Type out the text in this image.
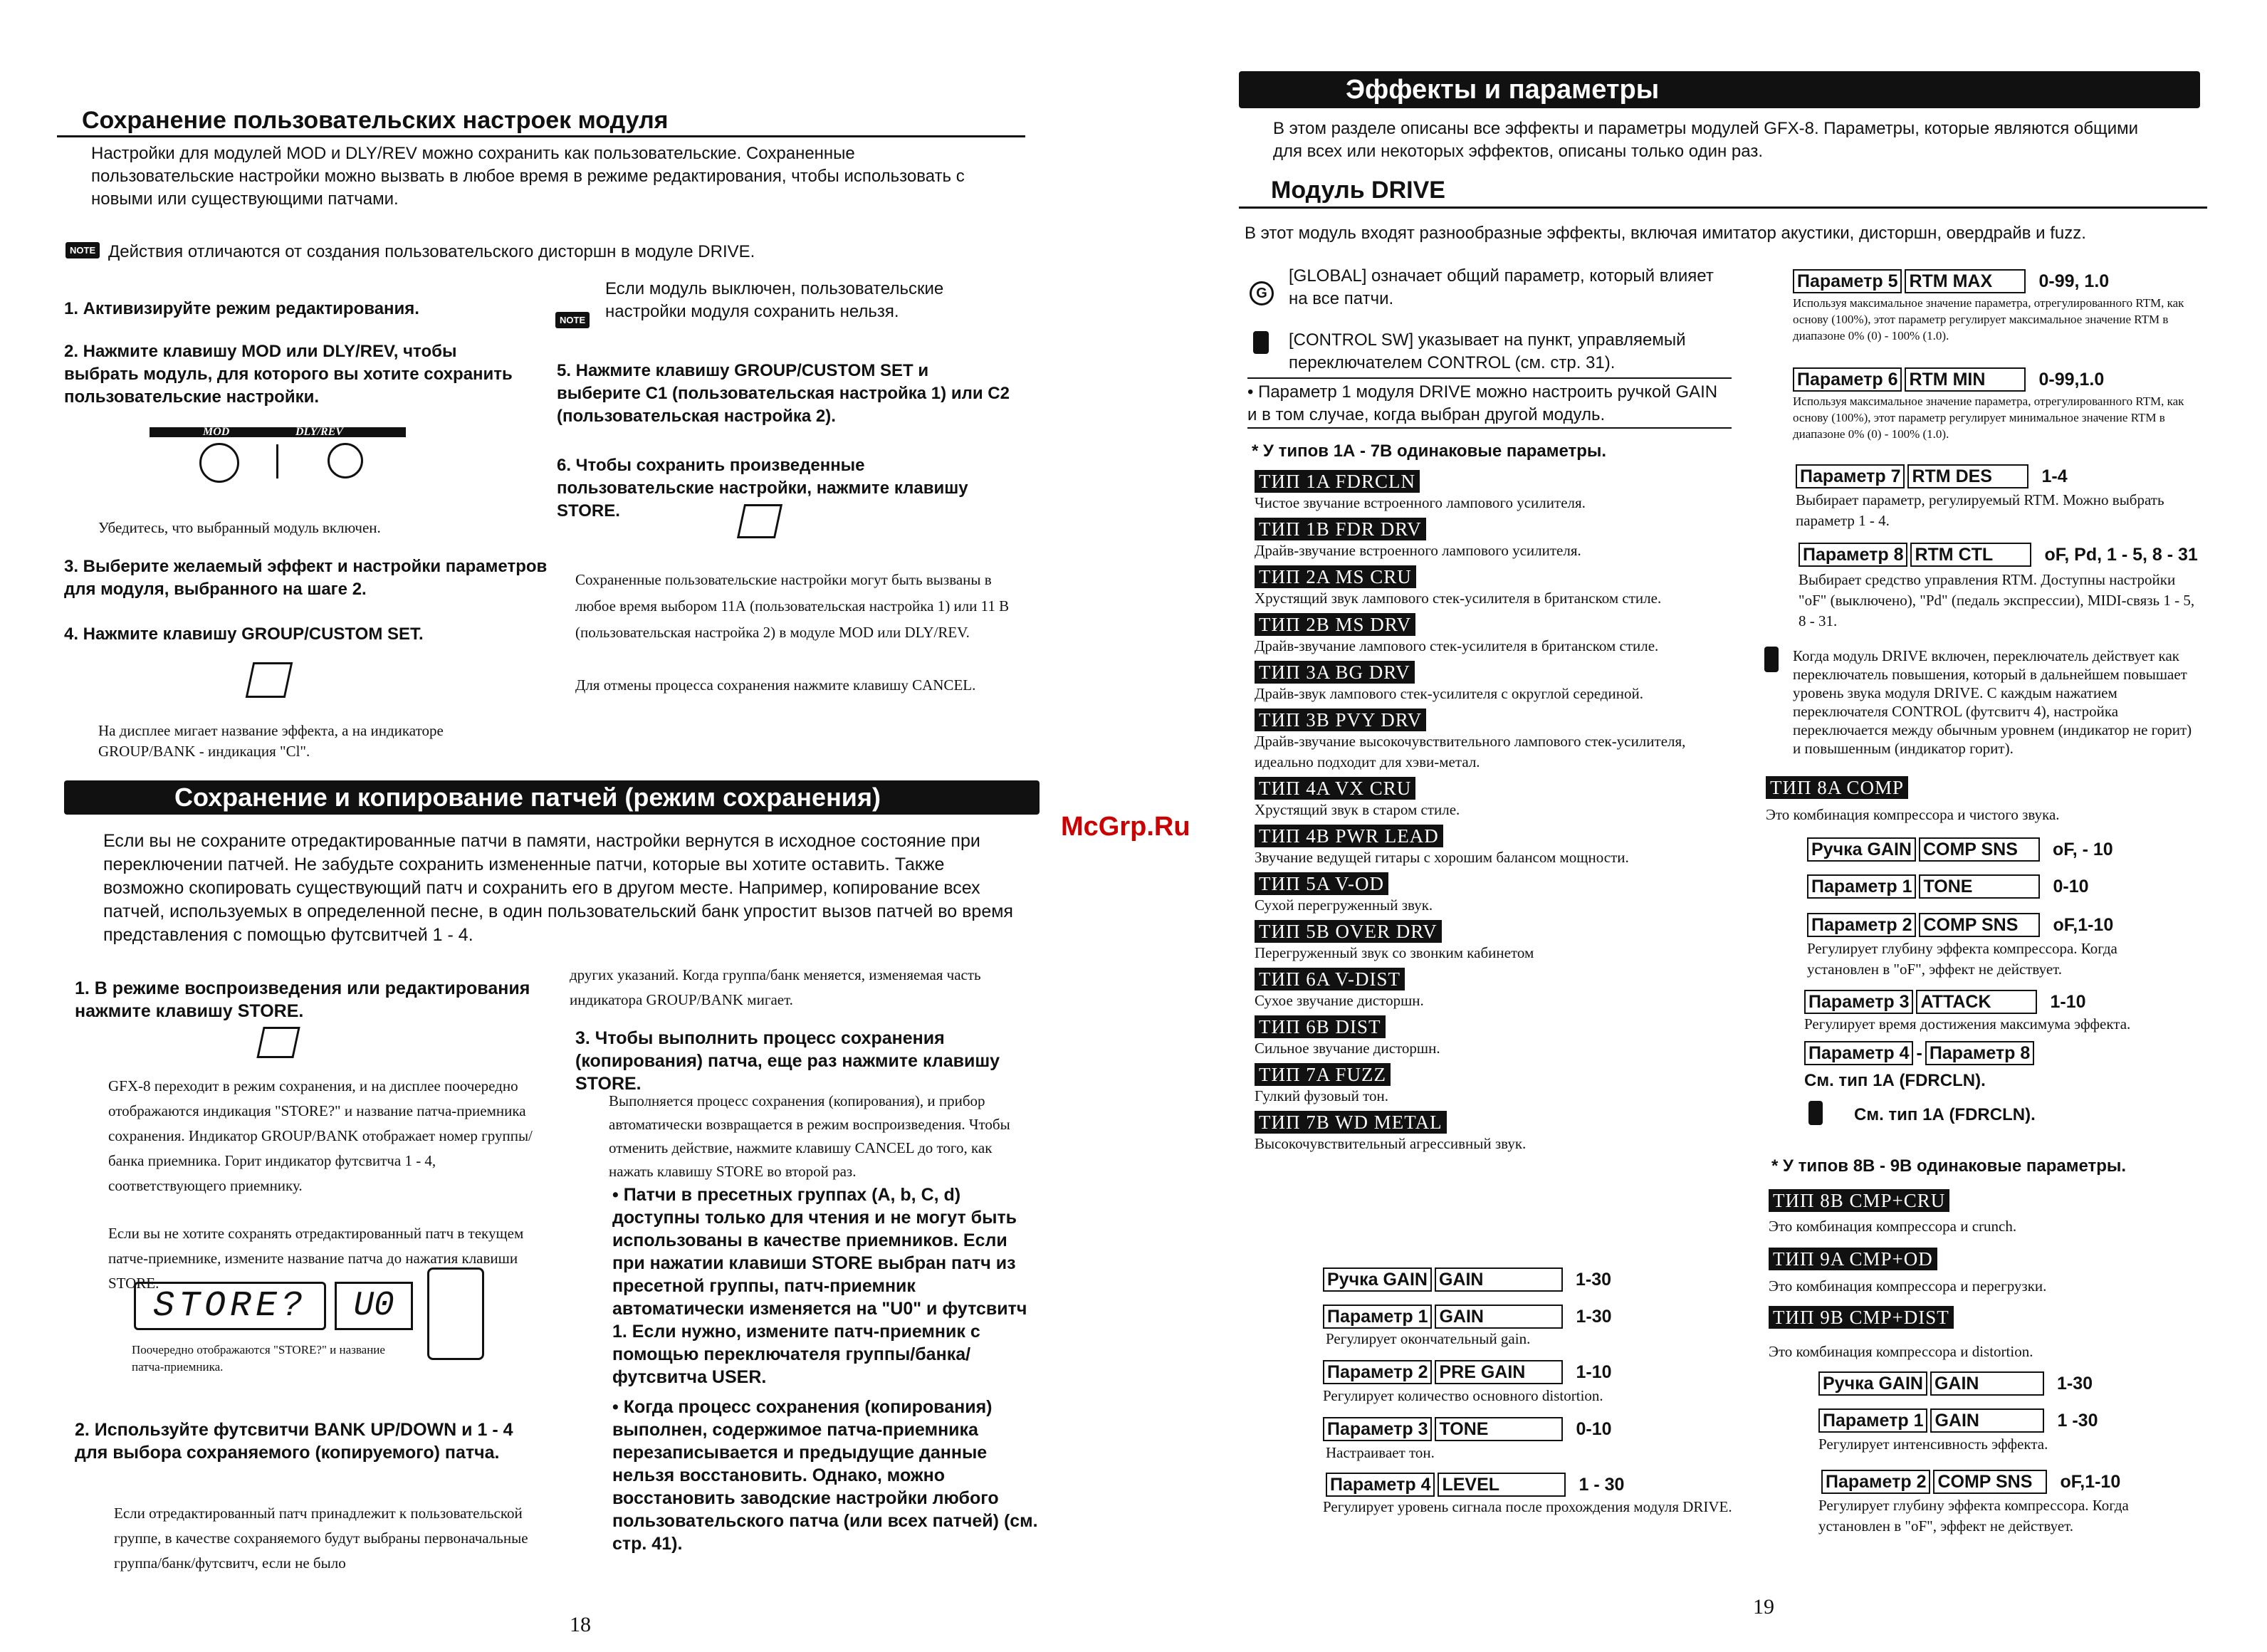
Сохранение пользовательских настроек модуля
Настройки для модулей MOD и DLY/REV можно сохранить как пользовательские. Сохраненные пользовательские настройки можно вызвать в любое время в режиме редактирования, чтобы использовать с новыми или существующими патчами.
NOTE Действия отличаются от создания пользовательского дисторшн в модуле DRIVE.
1. Активизируйте режим редактирования.
2. Нажмите клавишу MOD или DLY/REV, чтобы выбрать модуль, для которого вы хотите сохранить пользовательские настройки.
MOD	DLY/REV
Убедитесь, что выбранный модуль включен.
3. Выберите желаемый эффект и настройки параметров для модуля, выбранного на шаге 2.
4. Нажмите клавишу GROUP/CUSTOM SET.
На дисплее мигает название эффекта, а на индикаторе GROUP/BANK - индикация "Cl".
NOTE
Если модуль выключен, пользовательские настройки модуля сохранить нельзя.
5. Нажмите клавишу GROUP/CUSTOM SET и выберите С1 (пользовательская настройка 1) или С2 (пользовательская настройка 2).
6. Чтобы сохранить произведенные пользовательские настройки, нажмите клавишу STORE.
Сохраненные пользовательские настройки могут быть вызваны в любое время выбором 11А (пользовательская настройка 1) или 11 В (пользовательская настройка 2) в модуле MOD или DLY/REV.
Для отмены процесса сохранения нажмите клавишу CANCEL.
Сохранение и копирование патчей (режим сохранения)
Если вы не сохраните отредактированные патчи в памяти, настройки вернутся в исходное состояние при переключении патчей. Не забудьте сохранить измененные патчи, которые вы хотите оставить. Также возможно скопировать существующий патч и сохранить его в другом месте. Например, копирование всех патчей, используемых в определенной песне, в один пользовательский банк упростит вызов патчей во время представления с помощью футсвитчей 1 - 4.
1. В режиме воспроизведения или редактирования нажмите клавишу STORE.
GFX-8 переходит в режим сохранения, и на дисплее поочередно отображаются индикация "STORE?" и название патча-приемника сохранения. Индикатор GROUP/BANK отображает номер группы/банка приемника. Горит индикатор футсвитча 1 - 4, соответствующего приемнику.
Если вы не хотите сохранять отредактированный патч в текущем патче-приемнике, измените название патча до нажатия клавиши STORE.
STORE?	U0
Поочередно отображаются "STORE?" и название патча-приемника.
2. Используйте футсвитчи BANK UP/DOWN и 1 - 4 для выбора сохраняемого (копируемого) патча.
Если отредактированный патч принадлежит к пользовательской группе, в качестве сохраняемого будут выбраны первоначальные группа/банк/футсвитч, если не было
других указаний. Когда группа/банк меняется, изменяемая часть индикатора GROUP/BANK мигает.
3. Чтобы выполнить процесс сохранения (копирования) патча, еще раз нажмите клавишу STORE.
Выполняется процесс сохранения (копирования), и прибор автоматически возвращается в режим воспроизведения. Чтобы отменить действие, нажмите клавишу CANCEL до того, как нажать клавишу STORE во второй раз.
• Патчи в пресетных группах (A, b, C, d) доступны только для чтения и не могут быть использованы в качестве приемников. Если при нажатии клавиши STORE выбран патч из пресетной группы, патч-приемник автоматически изменяется на "U0" и футсвитч 1. Если нужно, измените патч-приемник с помощью переключателя группы/банка/футсвитча USER.
• Когда процесс сохранения (копирования) выполнен, содержимое патча-приемника перезаписывается и предыдущие данные нельзя восстановить. Однако, можно восстановить заводские настройки любого пользовательского патча (или всех патчей) (см. стр. 41).
18
McGrp.Ru
Эффекты и параметры
В этом разделе описаны все эффекты и параметры модулей GFX-8. Параметры, которые являются общими для всех или некоторых эффектов, описаны только один раз.
Модуль DRIVE
В этот модуль входят разнообразные эффекты, включая имитатор акустики, дисторшн, овердрайв и fuzz.
G
[GLOBAL] означает общий параметр, который влияет на все патчи.
[CONTROL SW] указывает на пункт, управляемый переключателем CONTROL (см. стр. 31).
• Параметр 1 модуля DRIVE можно настроить ручкой GAIN и в том случае, когда выбран другой модуль.
* У типов 1А - 7В одинаковые параметры.
ТИП 1A FDRCLN
Чистое звучание встроенного лампового усилителя.
ТИП 1B FDR DRV
Драйв-звучание встроенного лампового усилителя.
ТИП 2A MS CRU
Хрустящий звук лампового стек-усилителя в британском стиле.
ТИП 2B MS DRV
Драйв-звучание лампового стек-усилителя в британском стиле.
ТИП 3A BG DRV
Драйв-звук лампового стек-усилителя с округлой серединой.
ТИП 3B PVY DRV
Драйв-звучание высокочувствительного лампового стек-усилителя, идеально подходит для хэви-метал.
ТИП 4A VX CRU
Хрустящий звук в старом стиле.
ТИП 4B PWR LEAD
Звучание ведущей гитары с хорошим балансом мощности.
ТИП 5A V-OD
Сухой перегруженный звук.
ТИП 5B OVER DRV
Перегруженный звук со звонким кабинетом
ТИП 6A V-DIST
Сухое звучание дисторшн.
ТИП 6B DIST
Сильное звучание дисторшн.
ТИП 7A FUZZ
Гулкий фузовый тон.
ТИП 7B WD METAL
Высокочувствительный агрессивный звук.
Ручка GAIN GAIN	1-30
Параметр 1 GAIN	1-30
Регулирует окончательный gain.
Параметр 2 PRE GAIN	1-10
Регулирует количество основного distortion.
Параметр 3 TONE	0-10
Настраивает тон.
Параметр 4 LEVEL	1 - 30
Регулирует уровень сигнала после прохождения модуля DRIVE.
Параметр 5 RTM MAX	0-99, 1.0
Используя максимальное значение параметра, отрегулированного RTM, как основу (100%), этот параметр регулирует максимальное значение RTM в диапазоне 0% (0) - 100% (1.0).
Параметр 6 RTM MIN	0-99,1.0
Используя максимальное значение параметра, отрегулированного RTM, как основу (100%), этот параметр регулирует минимальное значение RTM в диапазоне 0% (0) - 100% (1.0).
Параметр 7 RTM DES	1-4
Выбирает параметр, регулируемый RTM. Можно выбрать параметр 1 - 4.
Параметр 8 RTM CTL	oF, Pd, 1 - 5, 8 - 31
Выбирает средство управления RTM. Доступны настройки "oF" (выключено), "Pd" (педаль экспрессии), MIDI-связь 1 - 5, 8 - 31.
Когда модуль DRIVE включен, переключатель действует как переключатель повышения, который в дальнейшем повышает уровень звука модуля DRIVE. С каждым нажатием переключателя CONTROL (футсвитч 4), настройка переключается между обычным уровнем (индикатор не горит) и повышенным (индикатор горит).
ТИП 8A COMP
Это комбинация компрессора и чистого звука.
Ручка GAIN COMP SNS	oF, - 10
Параметр 1 TONE	0-10
Параметр 2 COMP SNS	oF,1-10
Регулирует глубину эффекта компрессора. Когда установлен в "oF", эффект не действует.
Параметр 3 ATTACK	1-10
Регулирует время достижения максимума эффекта.
Параметр 4 - Параметр 8
См. тип 1А (FDRCLN).
См. тип 1А (FDRCLN).
* У типов 8В - 9В одинаковые параметры.
ТИП 8B CMP+CRU
Это комбинация компрессора и crunch.
ТИП 9A CMP+OD
Это комбинация компрессора и перегрузки.
ТИП 9B CMP+DIST
Это комбинация компрессора и distortion.
Ручка GAIN GAIN	1-30
Параметр 1 GAIN	1 -30
Регулирует интенсивность эффекта.
Параметр 2 COMP SNS	oF,1-10
Регулирует глубину эффекта компрессора. Когда установлен в "oF", эффект не действует.
19
